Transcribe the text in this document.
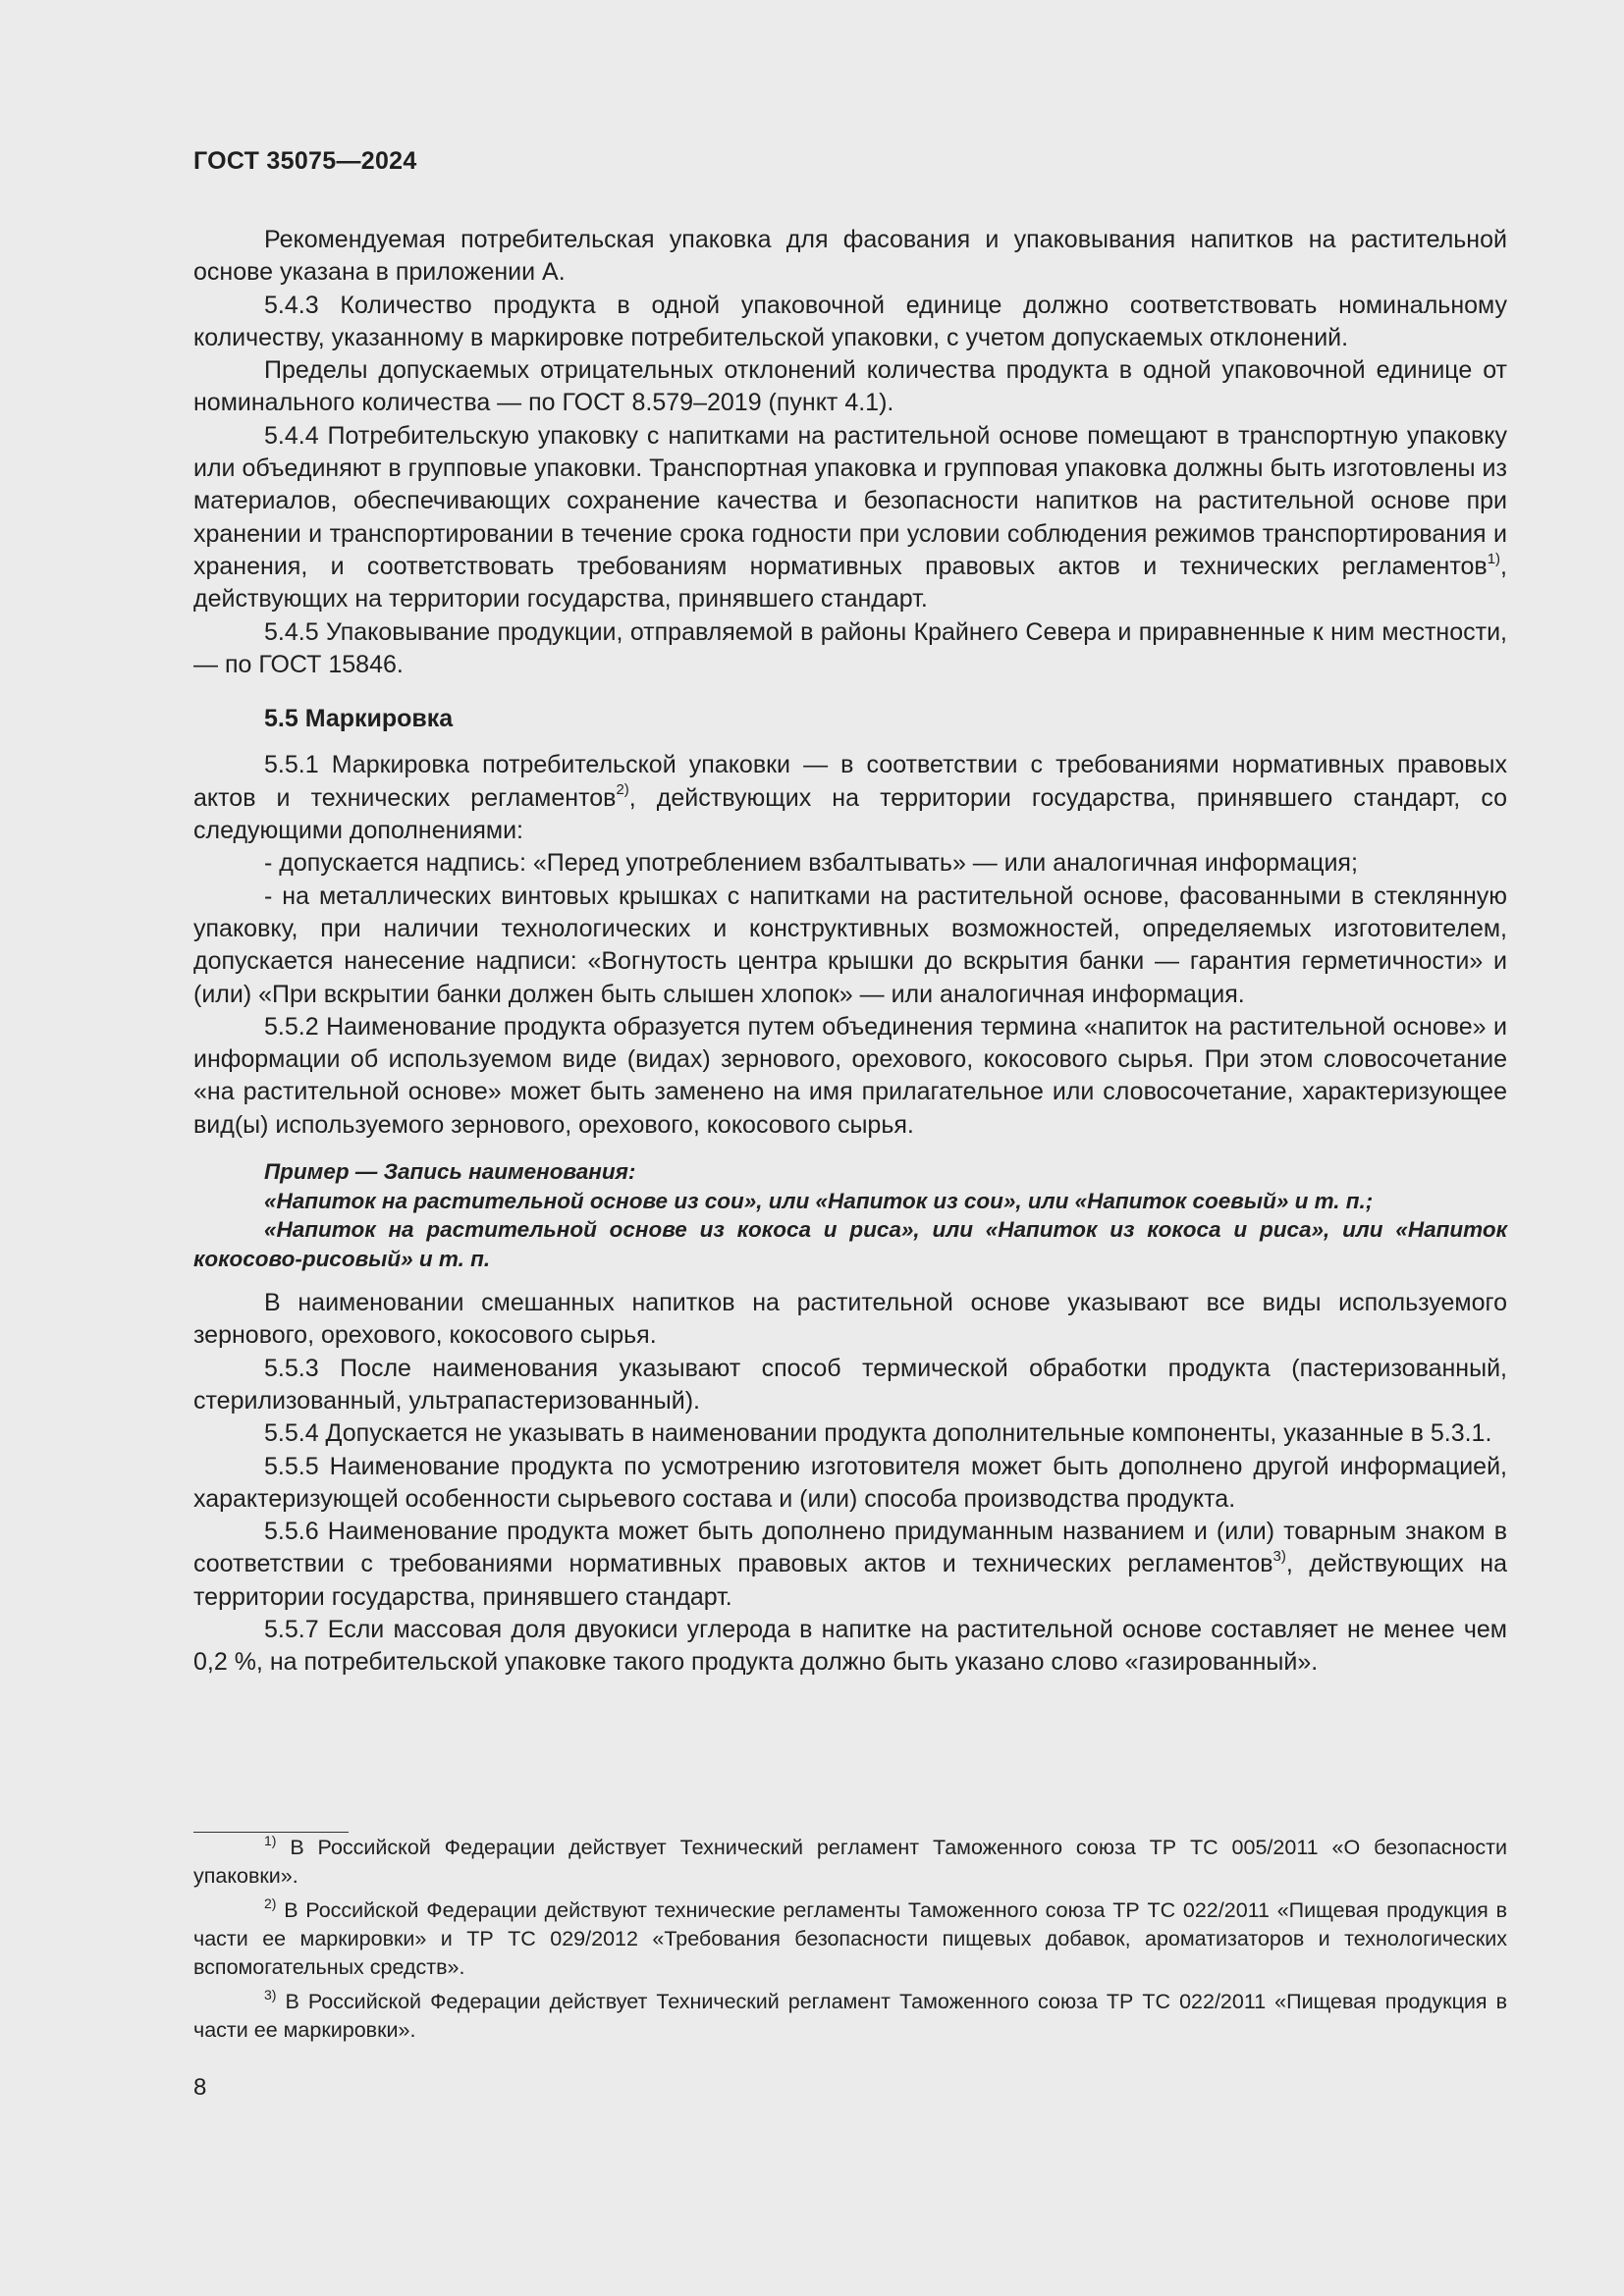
ГОСТ 35075—2024

Рекомендуемая потребительская упаковка для фасования и упаковывания напитков на растительной основе указана в приложении А.

5.4.3 Количество продукта в одной упаковочной единице должно соответствовать номинальному количеству, указанному в маркировке потребительской упаковки, с учетом допускаемых отклонений.

Пределы допускаемых отрицательных отклонений количества продукта в одной упаковочной единице от номинального количества — по ГОСТ 8.579–2019 (пункт 4.1).

5.4.4 Потребительскую упаковку с напитками на растительной основе помещают в транспортную упаковку или объединяют в групповые упаковки. Транспортная упаковка и групповая упаковка должны быть изготовлены из материалов, обеспечивающих сохранение качества и безопасности напитков на растительной основе при хранении и транспортировании в течение срока годности при условии соблюдения режимов транспортирования и хранения, и соответствовать требованиям нормативных правовых актов и технических регламентов$^{1)}$, действующих на территории государства, принявшего стандарт.

5.4.5 Упаковывание продукции, отправляемой в районы Крайнего Севера и приравненные к ним местности, — по ГОСТ 15846.

5.5 Маркировка

5.5.1 Маркировка потребительской упаковки — в соответствии с требованиями нормативных правовых актов и технических регламентов$^{2)}$, действующих на территории государства, принявшего стандарт, со следующими дополнениями:

- допускается надпись: «Перед употреблением взбалтывать» — или аналогичная информация;

- на металлических винтовых крышках с напитками на растительной основе, фасованными в стеклянную упаковку, при наличии технологических и конструктивных возможностей, определяемых изготовителем, допускается нанесение надписи: «Вогнутость центра крышки до вскрытия банки — гарантия герметичности» и (или) «При вскрытии банки должен быть слышен хлопок» — или аналогичная информация.

5.5.2 Наименование продукта образуется путем объединения термина «напиток на растительной основе» и информации об используемом виде (видах) зернового, орехового, кокосового сырья. При этом словосочетание «на растительной основе» может быть заменено на имя прилагательное или словосочетание, характеризующее вид(ы) используемого зернового, орехового, кокосового сырья.

Пример — Запись наименования:

«Напиток на растительной основе из сои», или «Напиток из сои», или «Напиток соевый» и т. п.;

«Напиток на растительной основе из кокоса и риса», или «Напиток из кокоса и риса», или «Напиток кокосово-рисовый» и т. п.

В наименовании смешанных напитков на растительной основе указывают все виды используемого зернового, орехового, кокосового сырья.

5.5.3 После наименования указывают способ термической обработки продукта (пастеризованный, стерилизованный, ультрапастеризованный).

5.5.4 Допускается не указывать в наименовании продукта дополнительные компоненты, указанные в 5.3.1.

5.5.5 Наименование продукта по усмотрению изготовителя может быть дополнено другой информацией, характеризующей особенности сырьевого состава и (или) способа производства продукта.

5.5.6 Наименование продукта может быть дополнено придуманным названием и (или) товарным знаком в соответствии с требованиями нормативных правовых актов и технических регламентов$^{3)}$, действующих на территории государства, принявшего стандарт.

5.5.7 Если массовая доля двуокиси углерода в напитке на растительной основе составляет не менее чем 0,2 %, на потребительской упаковке такого продукта должно быть указано слово «газированный».

$^{1)}$ В Российской Федерации действует Технический регламент Таможенного союза ТР ТС 005/2011 «О безопасности упаковки».

$^{2)}$ В Российской Федерации действуют технические регламенты Таможенного союза ТР ТС 022/2011 «Пищевая продукция в части ее маркировки» и ТР ТС 029/2012 «Требования безопасности пищевых добавок, ароматизаторов и технологических вспомогательных средств».

$^{3)}$ В Российской Федерации действует Технический регламент Таможенного союза ТР ТС 022/2011 «Пищевая продукция в части ее маркировки».

8
